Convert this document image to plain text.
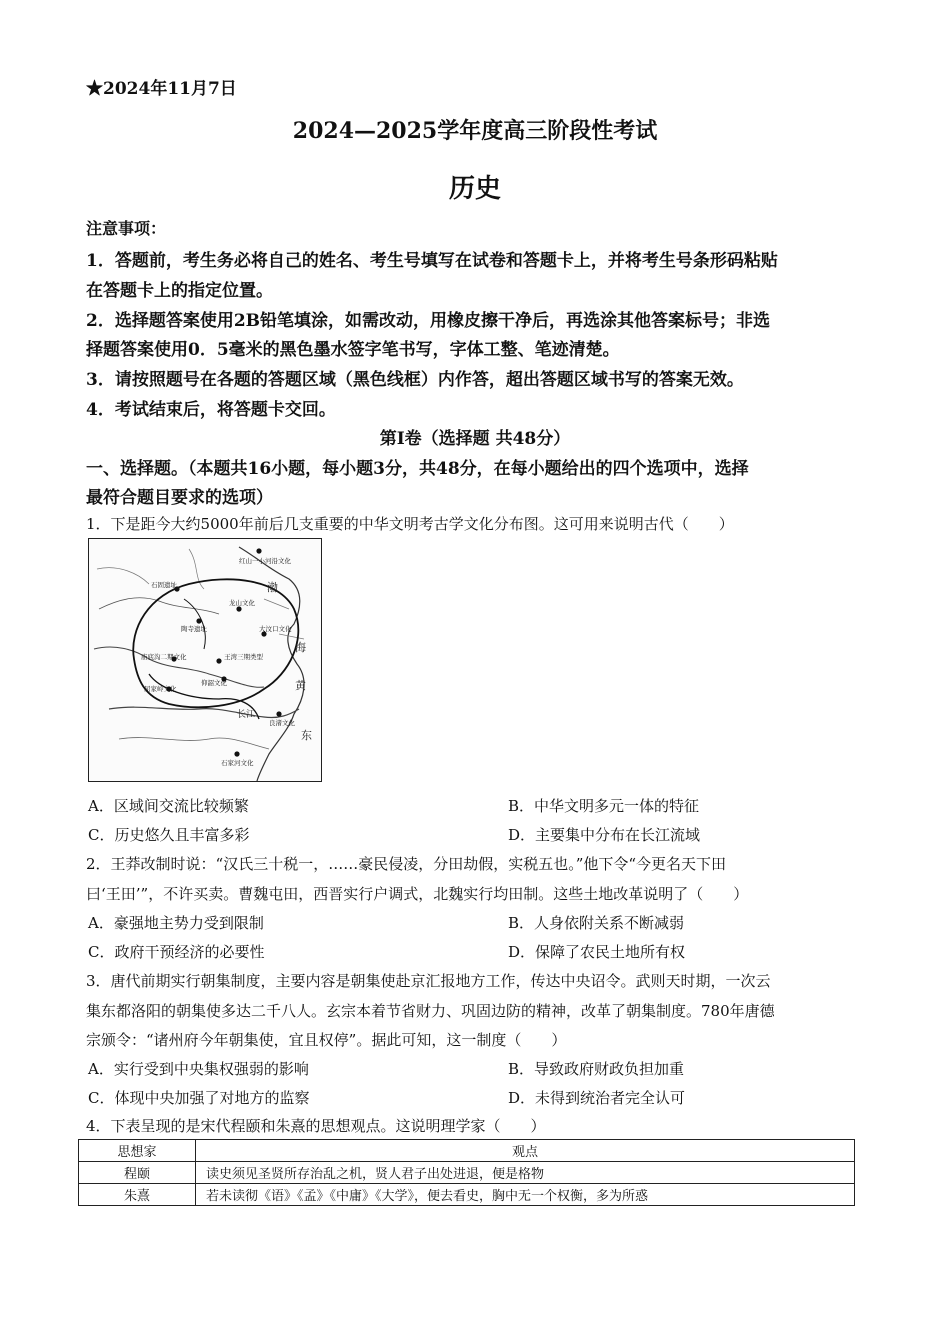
★2024年11月7日
2024—2025学年度高三阶段性考试
历史
注意事项：
1．答题前，考生务必将自己的姓名、考生号填写在试卷和答题卡上，并将考生号条形码粘贴
在答题卡上的指定位置。
2．选择题答案使用2B铅笔填涂，如需改动，用橡皮擦干净后，再选涂其他答案标号；非选
择题答案使用0．5毫米的黑色墨水签字笔书写，字体工整、笔迹清楚。
3．请按照题号在各题的答题区域（黑色线框）内作答，超出答题区域书写的答案无效。
4．考试结束后，将答题卡交回。
第Ⅰ卷（选择题 共48分）
一、选择题。（本题共16小题，每小题3分，共48分，在每小题给出的四个选项中，选择
最符合题目要求的选项）
1．下是距今大约5000年前后几支重要的中华文明考古学文化分布图。这可用来说明古代（　　）
红山一小河沿文化
石固遗址
陶寺遗址
龙山文化
大汶口文化
庙底沟二期文化	王湾三期类型
仰韶文化
屈家岭文化
良渚文化
石家河文化
渤
海
黄
东
长江
A．区域间交流比较频繁	B．中华文明多元一体的特征
C．历史悠久且丰富多彩	D．主要集中分布在长江流域
2．王莽改制时说：“汉氏三十税一，……豪民侵凌，分田劫假，实税五也。”他下令“今更名天下田
曰‘王田’”，不许买卖。曹魏屯田，西晋实行户调式，北魏实行均田制。这些土地改革说明了（　　）
A．豪强地主势力受到限制	B．人身依附关系不断减弱
C．政府干预经济的必要性	D．保障了农民土地所有权
3．唐代前期实行朝集制度，主要内容是朝集使赴京汇报地方工作，传达中央诏令。武则天时期，一次云
集东都洛阳的朝集使多达二千八人。玄宗本着节省财力、巩固边防的精神，改革了朝集制度。780年唐德
宗颁令：“诸州府今年朝集使，宜且权停”。据此可知，这一制度（　　）
A．实行受到中央集权强弱的影响	B．导致政府财政负担加重
C．体现中央加强了对地方的监察	D．未得到统治者完全认可
4．下表呈现的是宋代程颐和朱熹的思想观点。这说明理学家（　　）
思想家	观点
程颐	读史须见圣贤所存治乱之机，贤人君子出处进退，便是格物
朱熹	若未读彻《语》《孟》《中庸》《大学》，便去看史，胸中无一个权衡，多为所惑
